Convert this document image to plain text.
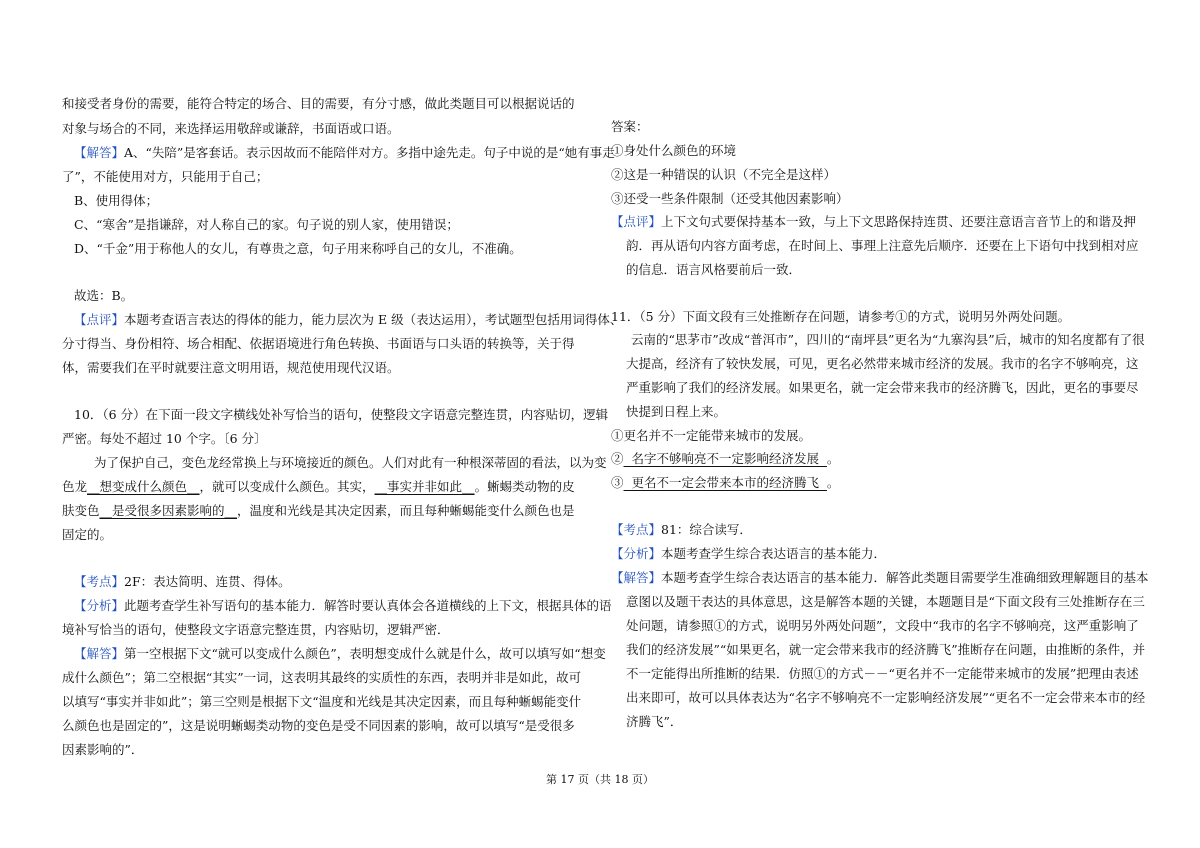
和接受者身份的需要，能符合特定的场合、目的需要，有分寸感，做此类题目可以根据说话的
对象与场合的不同，来选择运用敬辞或谦辞，书面语或口语。
【解答】A、“失陪”是客套话。表示因故而不能陪伴对方。多指中途先走。句子中说的是“她有事走
了”，不能使用对方，只能用于自己；
B、使用得体；
C、“寒舍”是指谦辞，对人称自己的家。句子说的别人家，使用错误；
D、“千金”用于称他人的女儿，有尊贵之意，句子用来称呼自己的女儿，不准确。
故选：B。
【点评】本题考查语言表达的得体的能力，能力层次为 E 级（表达运用），考试题型包括用词得体、
分寸得当、身份相符、场合相配、依据语境进行角色转换、书面语与口头语的转换等，关于得
体，需要我们在平时就要注意文明用语，规范使用现代汉语。
10．（6 分）在下面一段文字横线处补写恰当的语句，使整段文字语意完整连贯，内容贴切，逻辑
严密。每处不超过 10 个字。〔6 分〕
为了保护自己，变色龙经常换上与环境接近的颜色。人们对此有一种根深蒂固的看法，以为变
色龙__想变成什么颜色__，就可以变成什么颜色。其实，__事实并非如此__。蜥蜴类动物的皮
肤变色__是受很多因素影响的__，温度和光线是其决定因素，而且每种蜥蜴能变什么颜色也是
固定的。
【考点】2F：表达简明、连贯、得体。
【分析】此题考查学生补写语句的基本能力．解答时要认真体会各道横线的上下文，根据具体的语
境补写恰当的语句，使整段文字语意完整连贯，内容贴切，逻辑严密．
【解答】第一空根据下文“就可以变成什么颜色”，表明想变成什么就是什么，故可以填写如“想变
成什么颜色”；第二空根据“其实”一词，这表明其最终的实质性的东西，表明并非是如此，故可
以填写“事实并非如此”；第三空则是根据下文“温度和光线是其决定因素，而且每种蜥蜴能变什
么颜色也是固定的”，这是说明蜥蜴类动物的变色是受不同因素的影响，故可以填写“是受很多
因素影响的”．
答案：
①身处什么颜色的环境
②这是一种错误的认识（不完全是这样）
③还受一些条件限制（还受其他因素影响）
【点评】上下文句式要保持基本一致，与上下文思路保持连贯、还要注意语言音节上的和谐及押
韵．再从语句内容方面考虑，在时间上、事理上注意先后顺序．还要在上下语句中找到相对应
的信息．语言风格要前后一致．
11．（5 分）下面文段有三处推断存在问题，请参考①的方式，说明另外两处问题。
云南的“思茅市”改成“普洱市”，四川的“南坪县”更名为“九寨沟县”后，城市的知名度都有了很
大提高，经济有了较快发展，可见，更名必然带来城市经济的发展。我市的名字不够响亮，这
严重影响了我们的经济发展。如果更名，就一定会带来我市的经济腾飞，因此，更名的事要尽
快提到日程上来。
①更名并不一定能带来城市的发展。
②  名字不够响亮不一定影响经济发展  。
③  更名不一定会带来本市的经济腾飞  。
【考点】81：综合读写．
【分析】本题考查学生综合表达语言的基本能力．
【解答】本题考查学生综合表达语言的基本能力．解答此类题目需要学生准确细致理解题目的基本
意图以及题干表达的具体意思，这是解答本题的关键，本题题目是“下面文段有三处推断存在三
处问题，请参照①的方式，说明另外两处问题”，文段中“我市的名字不够响亮，这严重影响了
我们的经济发展”“如果更名，就一定会带来我市的经济腾飞”推断存在问题，由推断的条件，并
不一定能得出所推断的结果．仿照①的方式－－“更名并不一定能带来城市的发展”把理由表述
出来即可，故可以具体表达为“名字不够响亮不一定影响经济发展”“更名不一定会带来本市的经
济腾飞”．
第 17 页（共 18 页）
